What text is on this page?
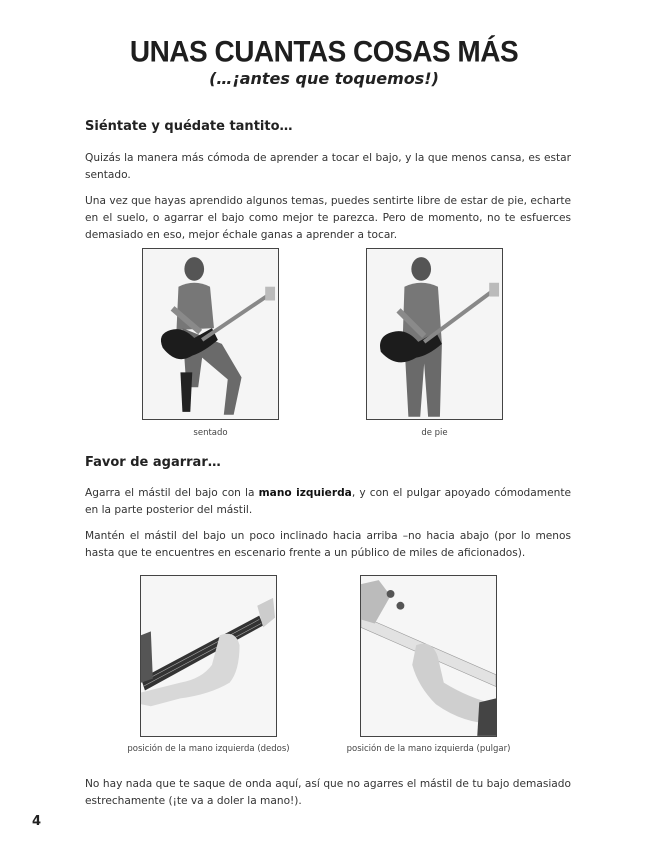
UNAS CUANTAS COSAS MÁS
(…¡antes que toquemos!)
Siéntate y quédate tantito…

Quizás la manera más cómoda de aprender a tocar el bajo, y la que menos cansa, es estar sentado.

Una vez que hayas aprendido algunos temas, puedes sentirte libre de estar de pie, echarte en el suelo, o agarrar el bajo como mejor te parezca. Pero de momento, no te esfuerces demasiado en eso, mejor échale ganas a aprender a tocar.

sentado	de pie
Favor de agarrar…

Agarra el mástil del bajo con la mano izquierda, y con el pulgar apoyado cómodamente en la parte posterior del mástil.

Mantén el mástil del bajo un poco inclinado hacia arriba –no hacia abajo (por lo menos hasta que te encuentres en escenario frente a un público de miles de aficionados).

posición de la mano izquierda (dedos)	posición de la mano izquierda (pulgar)

No hay nada que te saque de onda aquí, así que no agarres el mástil de tu bajo demasiado estrechamente (¡te va a doler la mano!).

4
